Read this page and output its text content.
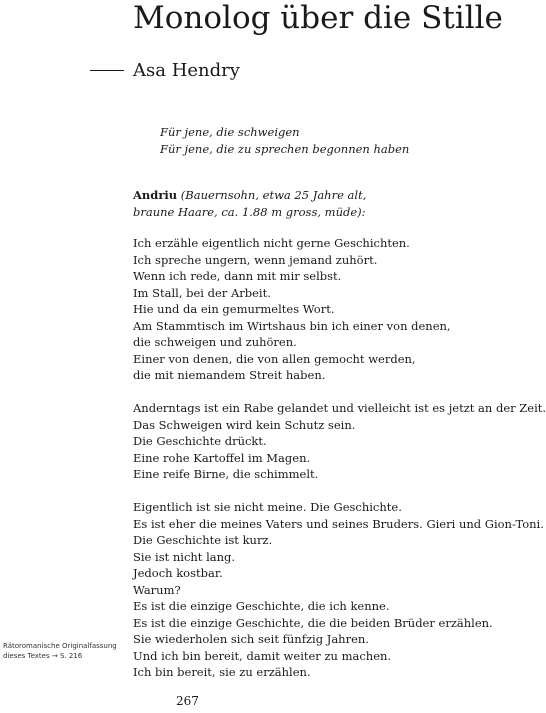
Monolog über die Stille
Asa Hendry
Für jene, die schweigen
Für jene, die zu sprechen begonnen haben
Andriu (Bauernsohn, etwa 25 Jahre alt,
braune Haare, ca. 1.88 m gross, müde):
Ich erzähle eigentlich nicht gerne Geschichten.
Ich spreche ungern, wenn jemand zuhört.
Wenn ich rede, dann mit mir selbst.
Im Stall, bei der Arbeit.
Hie und da ein gemurmeltes Wort.
Am Stammtisch im Wirtshaus bin ich einer von denen,
die schweigen und zuhören.
Einer von denen, die von allen gemocht werden,
die mit niemandem Streit haben.
Anderntags ist ein Rabe gelandet und vielleicht ist es jetzt an der Zeit.
Das Schweigen wird kein Schutz sein.
Die Geschichte drückt.
Eine rohe Kartoffel im Magen.
Eine reife Birne, die schimmelt.
Eigentlich ist sie nicht meine. Die Geschichte.
Es ist eher die meines Vaters und seines Bruders. Gieri und Gion-Toni.
Die Geschichte ist kurz.
Sie ist nicht lang.
Jedoch kostbar.
Warum?
Es ist die einzige Geschichte, die ich kenne.
Es ist die einzige Geschichte, die die beiden Brüder erzählen.
Sie wiederholen sich seit fünfzig Jahren.
Und ich bin bereit, damit weiter zu machen.
Ich bin bereit, sie zu erzählen.
Rätoromanische Originalfassung
dieses Textes → S. 216
267
